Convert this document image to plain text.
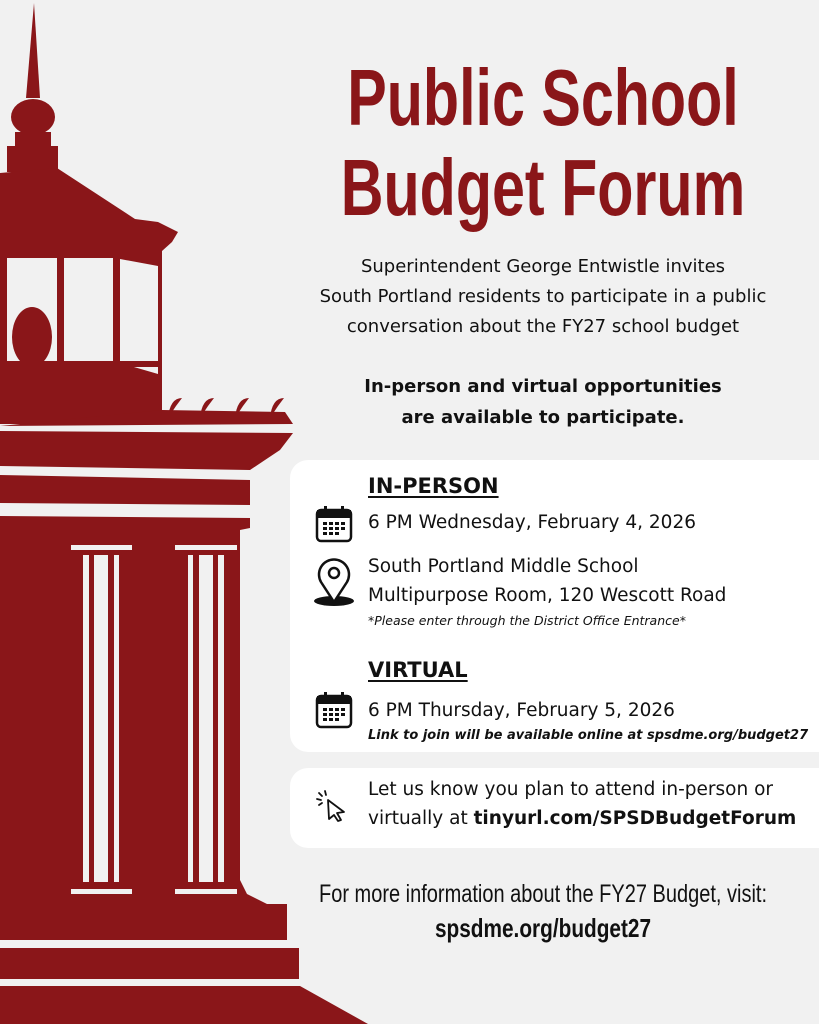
Public School
Budget Forum
Superintendent George Entwistle invites
South Portland residents to participate in a public
conversation about the FY27 school budget
In-person and virtual opportunities
are available to participate.
IN-PERSON
6 PM Wednesday, February 4, 2026
South Portland Middle School
Multipurpose Room, 120 Wescott Road
*Please enter through the District Office Entrance*
VIRTUAL
6 PM Thursday, February 5, 2026
Link to join will be available online at spsdme.org/budget27
Let us know you plan to attend in-person or
virtually at tinyurl.com/SPSDBudgetForum
For more information about the FY27 Budget, visit:
spsdme.org/budget27
